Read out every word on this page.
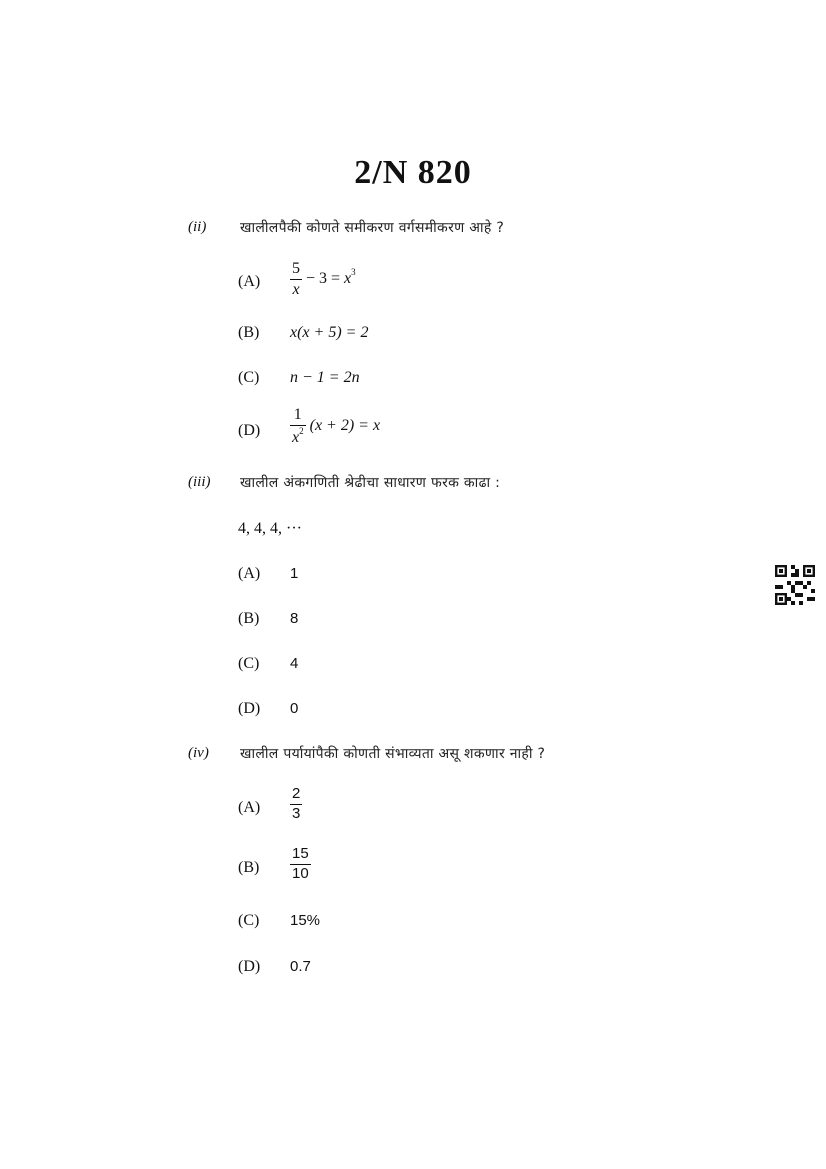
2/N 820
(ii) खालीलपैकी कोणते समीकरण वर्गसमीकरण आहे ?
$(A) \frac{5}{x} - 3 = x^3$
(B) x(x + 5) = 2
(C) n − 1 = 2n
$(D) \frac{1}{x^2} (x + 2) = x$
(iii) खालील अंकगणिती श्रेढीचा साधारण फरक काढा :
4, 4, 4, ···
(A) 1
(B) 8
(C) 4
(D) 0
(iv) खालील पर्यायांपैकी कोणती संभाव्यता असू शकणार नाही ?
$(A) \frac{2}{3}$
$(B) \frac{15}{10}$
(C) 15%
(D) 0.7
